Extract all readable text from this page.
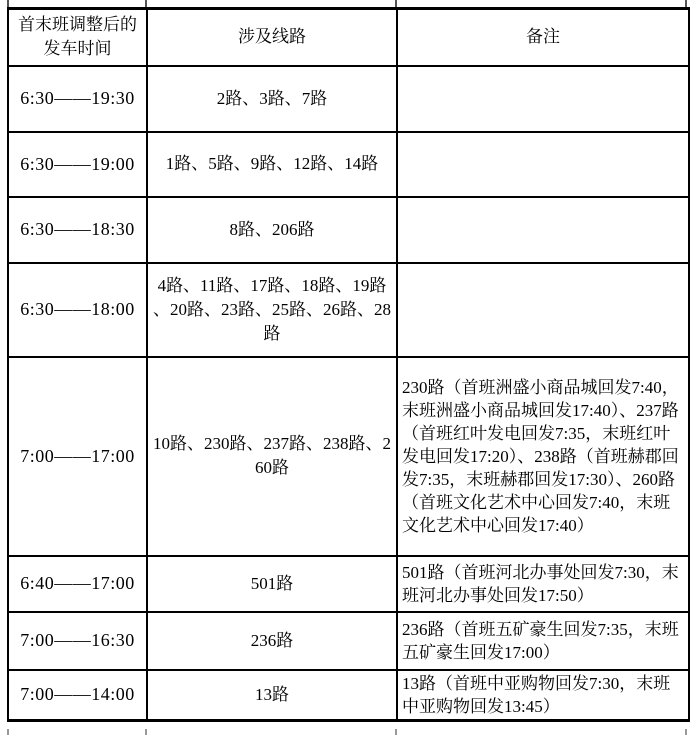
首末班调整后的
发车时间	涉及线路	备注
6:30——19:30	2路、3路、7路	
6:30——19:00	1路、5路、9路、12路、14路	
6:30——18:30	8路、206路	
6:30——18:00	4路、11路、17路、18路、19路、20路、23路、25路、26路、28路	
7:00——17:00	10路、230路、237路、238路、260路	230路（首班洲盛小商品城回发7:40，末班洲盛小商品城回发17:40）、237路（首班红叶发电回发7:35，末班红叶发电回发17:20）、238路（首班赫郡回发7:35，末班赫郡回发17:30）、260路（首班文化艺术中心回发7:40，末班文化艺术中心回发17:40）
6:40——17:00	501路	501路（首班河北办事处回发7:30，末班河北办事处回发17:50）
7:00——16:30	236路	236路（首班五矿豪生回发7:35，末班五矿豪生回发17:00）
7:00——14:00	13路	13路（首班中亚购物回发7:30，末班中亚购物回发13:45）
